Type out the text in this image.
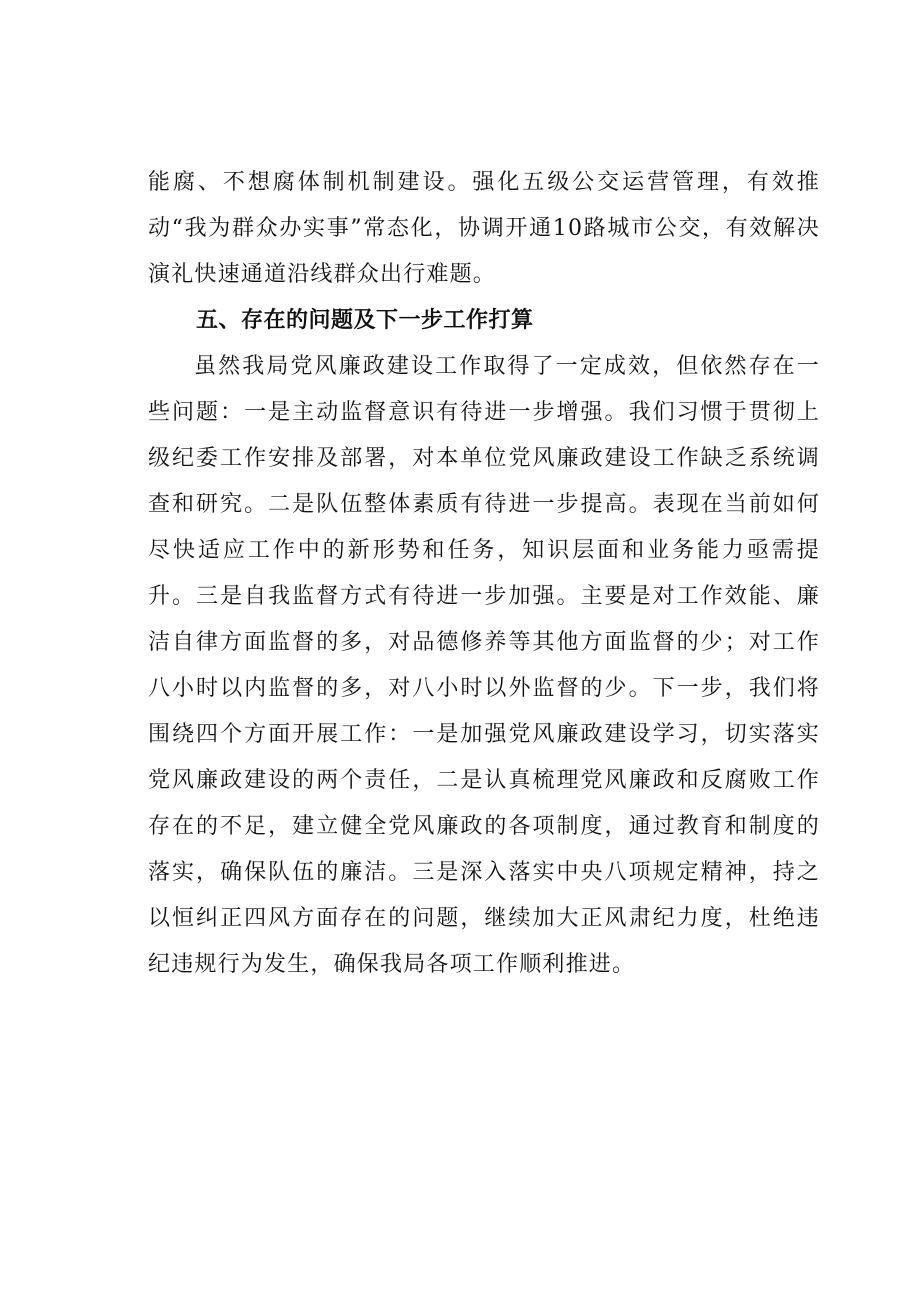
能腐、不想腐体制机制建设。强化五级公交运营管理，有效推动“我为群众办实事”常态化，协调开通10路城市公交，有效解决演礼快速通道沿线群众出行难题。

五、存在的问题及下一步工作打算

虽然我局党风廉政建设工作取得了一定成效，但依然存在一些问题：一是主动监督意识有待进一步增强。我们习惯于贯彻上级纪委工作安排及部署，对本单位党风廉政建设工作缺乏系统调查和研究。二是队伍整体素质有待进一步提高。表现在当前如何尽快适应工作中的新形势和任务，知识层面和业务能力亟需提升。三是自我监督方式有待进一步加强。主要是对工作效能、廉洁自律方面监督的多，对品德修养等其他方面监督的少；对工作八小时以内监督的多，对八小时以外监督的少。下一步，我们将围绕四个方面开展工作：一是加强党风廉政建设学习，切实落实党风廉政建设的两个责任，二是认真梳理党风廉政和反腐败工作存在的不足，建立健全党风廉政的各项制度，通过教育和制度的落实，确保队伍的廉洁。三是深入落实中央八项规定精神，持之以恒纠正四风方面存在的问题，继续加大正风肃纪力度，杜绝违纪违规行为发生，确保我局各项工作顺利推进。
